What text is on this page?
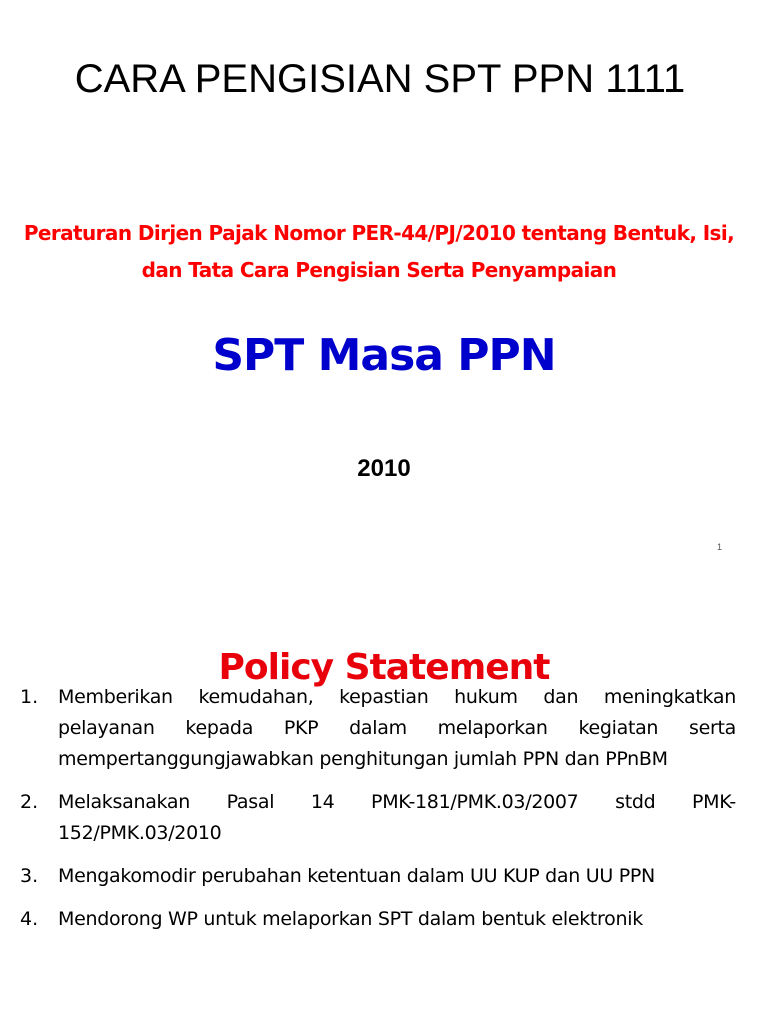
CARA PENGISIAN SPT PPN 1111
Peraturan Dirjen Pajak Nomor PER-44/PJ/2010 tentang Bentuk, Isi, dan Tata Cara Pengisian Serta Penyampaian
SPT Masa PPN
2010
1
Policy Statement
1.	Memberikan kemudahan, kepastian hukum dan meningkatkan pelayanan kepada PKP dalam melaporkan kegiatan serta mempertanggungjawabkan penghitungan jumlah PPN dan PPnBM
2.	Melaksanakan Pasal 14 PMK-181/PMK.03/2007 stdd PMK-152/PMK.03/2010
3.	Mengakomodir perubahan ketentuan dalam UU KUP dan UU PPN
4.	Mendorong WP untuk melaporkan SPT dalam bentuk elektronik
